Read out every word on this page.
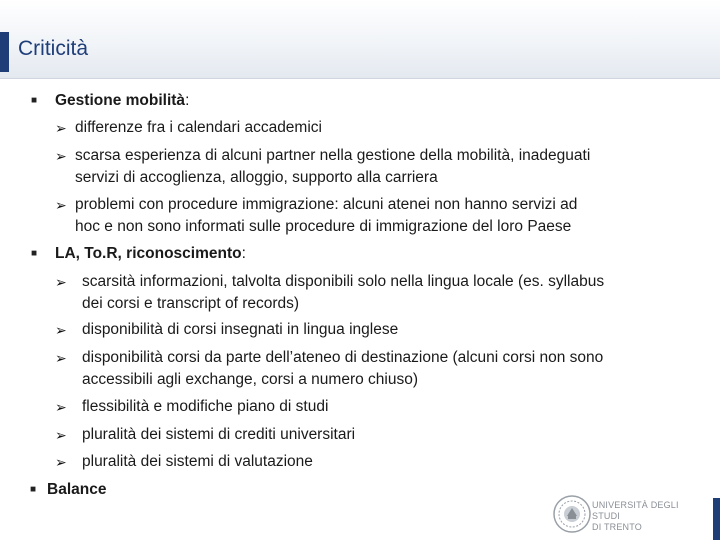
Criticità
■ Gestione mobilità:
➢ differenze fra i calendari accademici
➢ scarsa esperienza di alcuni partner nella gestione della mobilità, inadeguati
servizi di accoglienza, alloggio, supporto alla carriera
➢ problemi con procedure immigrazione: alcuni atenei non hanno servizi ad
hoc e non sono informati sulle procedure di immigrazione del loro Paese
■ LA, To.R, riconoscimento:
➢ scarsità informazioni, talvolta disponibili solo nella lingua locale (es. syllabus
dei corsi e transcript of records)
➢ disponibilità di corsi insegnati in lingua inglese
➢ disponibilità corsi da parte dell’ateneo di destinazione (alcuni corsi non sono
accessibili agli exchange, corsi a numero chiuso)
➢ flessibilità e modifiche piano di studi
➢ pluralità dei sistemi di crediti universitari
➢ pluralità dei sistemi di valutazione
■ Balance
UNIVERSITÀ DEGLI STUDI
DI TRENTO
